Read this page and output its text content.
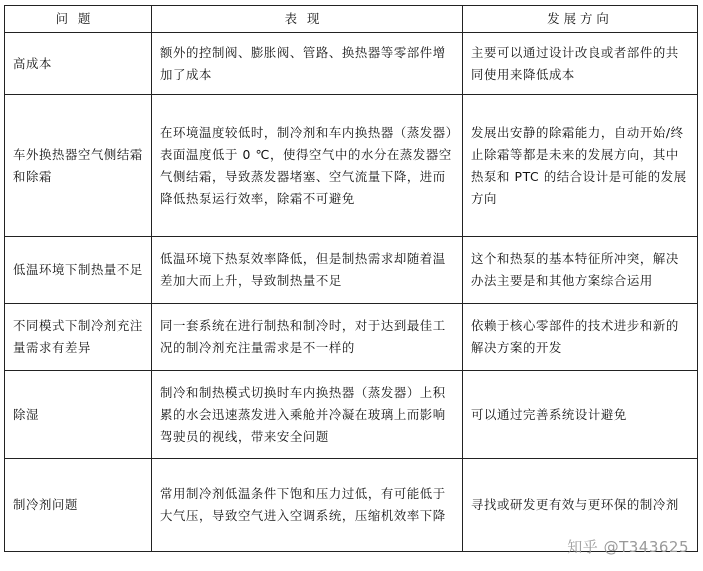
问题	表现	发展方向
高成本	额外的控制阀、膨胀阀、管路、换热器等零部件增加了成本	主要可以通过设计改良或者部件的共同使用来降低成本
车外换热器空气侧结霜和除霜	在环境温度较低时，制冷剂和车内换热器（蒸发器）表面温度低于 0 ℃，使得空气中的水分在蒸发器空气侧结霜，导致蒸发器堵塞、空气流量下降，进而降低热泵运行效率，除霜不可避免	发展出安静的除霜能力，自动开始/终止除霜等都是未来的发展方向，其中热泵和 PTC 的结合设计是可能的发展方向
低温环境下制热量不足	低温环境下热泵效率降低，但是制热需求却随着温差加大而上升，导致制热量不足	这个和热泵的基本特征所冲突，解决办法主要是和其他方案综合运用
不同模式下制冷剂充注量需求有差异	同一套系统在进行制热和制冷时，对于达到最佳工况的制冷剂充注量需求是不一样的	依赖于核心零部件的技术进步和新的解决方案的开发
除湿	制冷和制热模式切换时车内换热器（蒸发器）上积累的水会迅速蒸发进入乘舱并冷凝在玻璃上而影响驾驶员的视线，带来安全问题	可以通过完善系统设计避免
制冷剂问题	常用制冷剂低温条件下饱和压力过低，有可能低于大气压，导致空气进入空调系统，压缩机效率下降	寻找或研发更有效与更环保的制冷剂
知乎 @T343625
